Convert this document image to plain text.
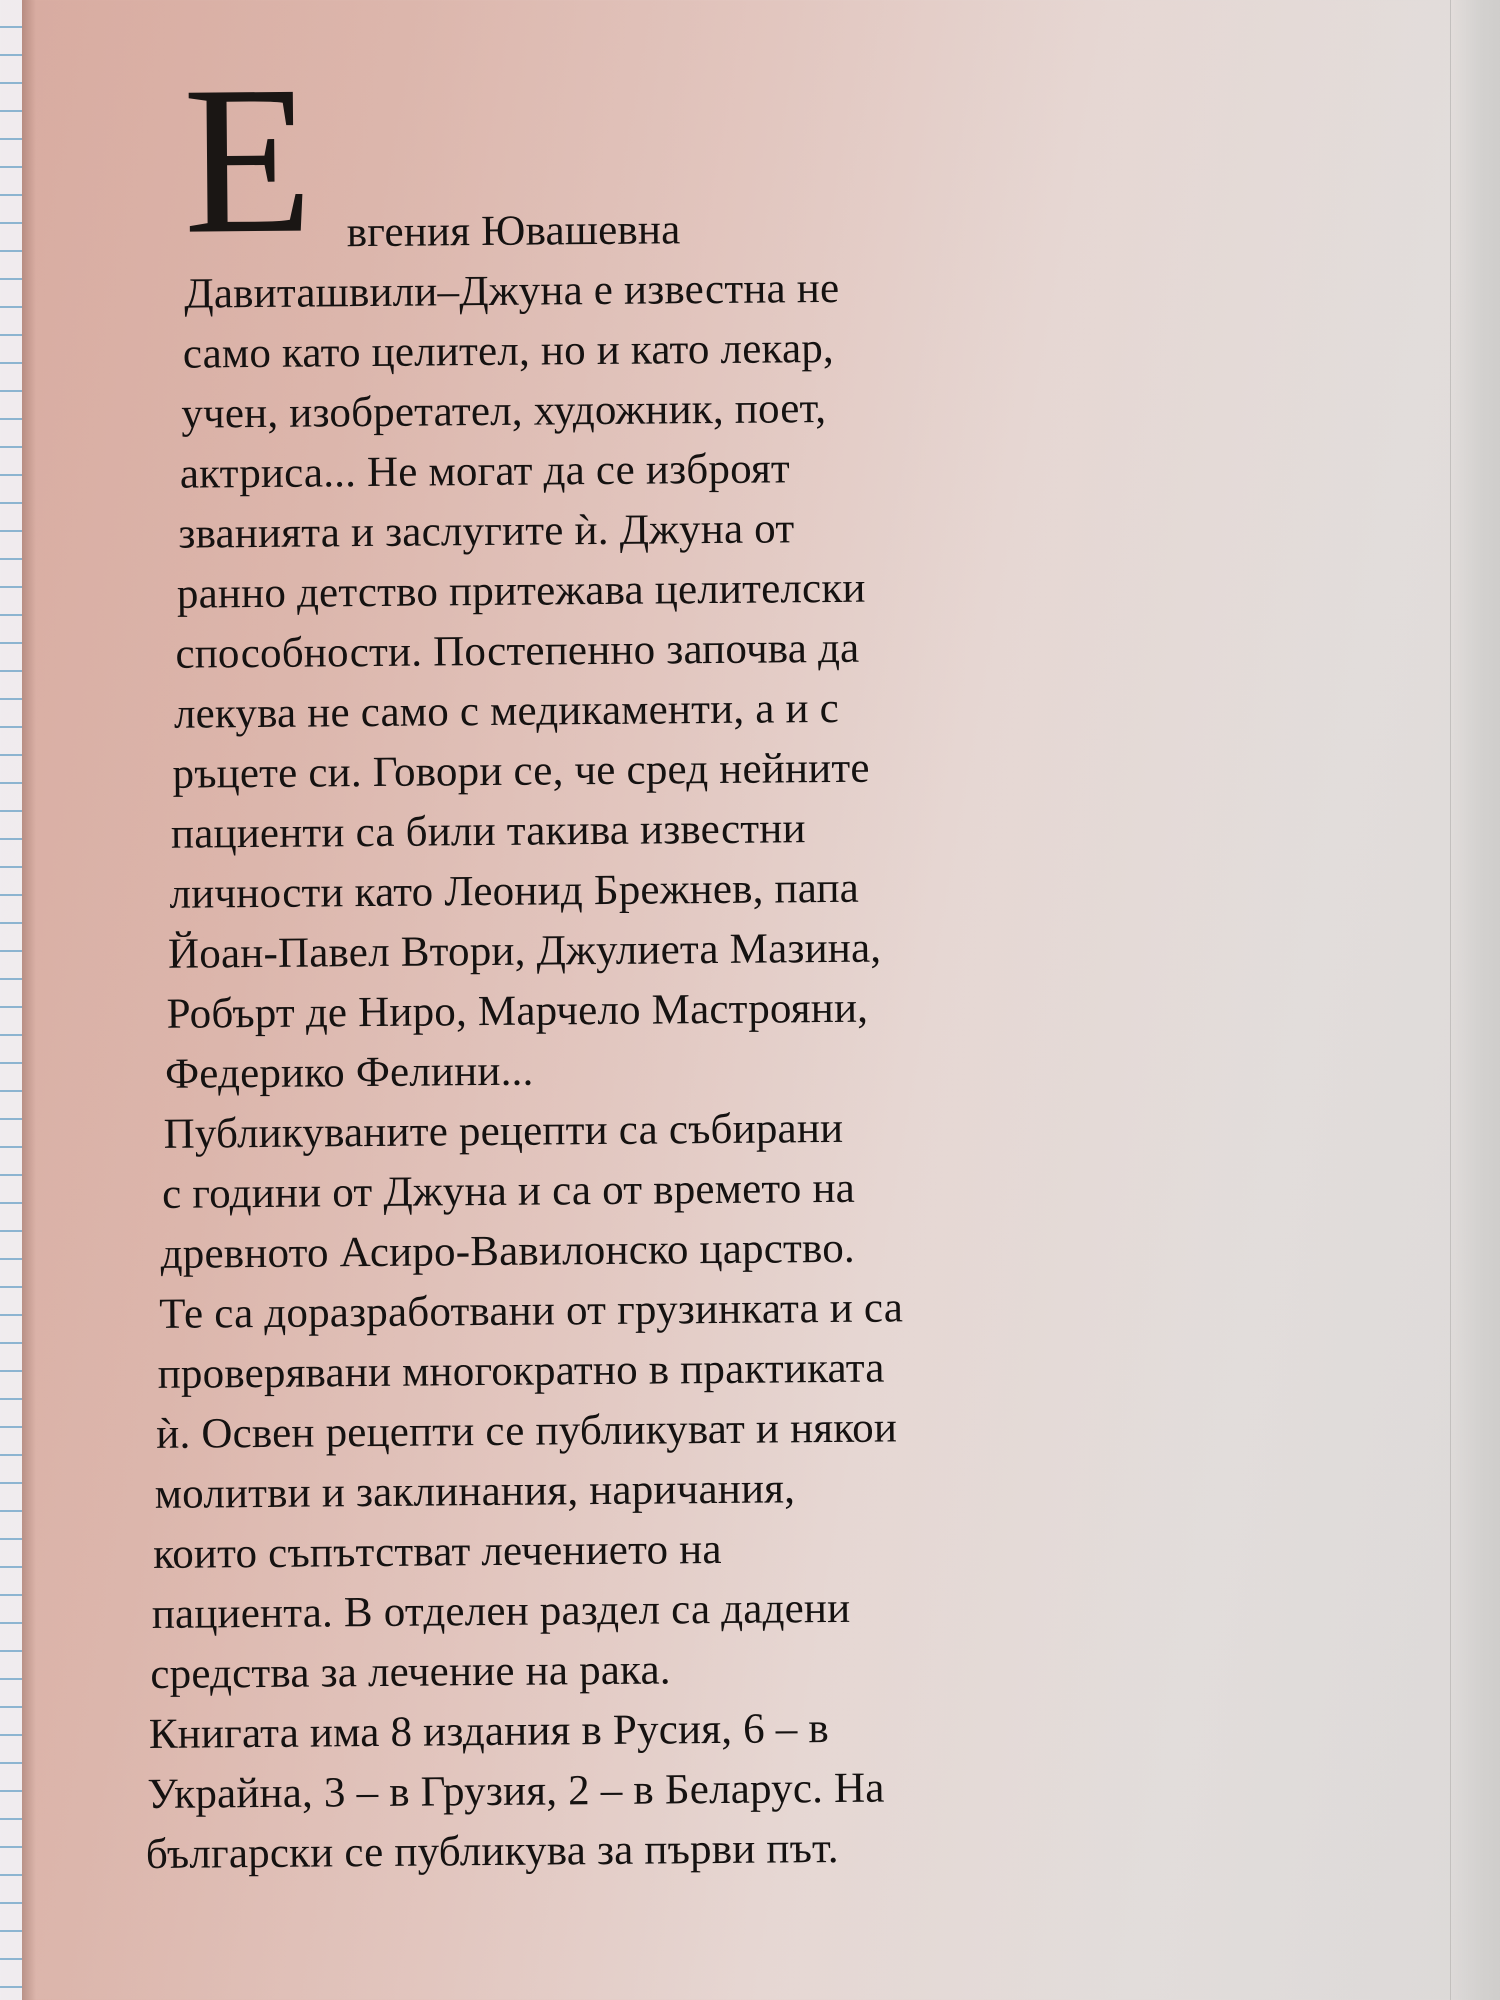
Е вгения Ювашевна
Давиташвили–Джуна е известна не
само като целител, но и като лекар,
учен, изобретател, художник, поет,
актриса... Не могат да се изброят
званията и заслугите ѝ. Джуна от
ранно детство притежава целителски
способности. Постепенно започва да
лекува не само с медикаменти, а и с
ръцете си. Говори се, че сред нейните
пациенти са били такива известни
личности като Леонид Брежнев, папа
Йоан-Павел Втори, Джулиета Мазина,
Робърт де Ниро, Марчело Мастрояни,
Федерико Фелини...
Публикуваните рецепти са събирани
с години от Джуна и са от времето на
древното Асиро-Вавилонско царство.
Те са доразработвани от грузинката и са
проверявани многократно в практиката
ѝ. Освен рецепти се публикуват и някои
молитви и заклинания, наричания,
които съпътстват лечението на
пациента. В отделен раздел са дадени
средства за лечение на рака.
Книгата има 8 издания в Русия, 6 – в
Украйна, 3 – в Грузия, 2 – в Беларус. На
български се публикува за първи път.
